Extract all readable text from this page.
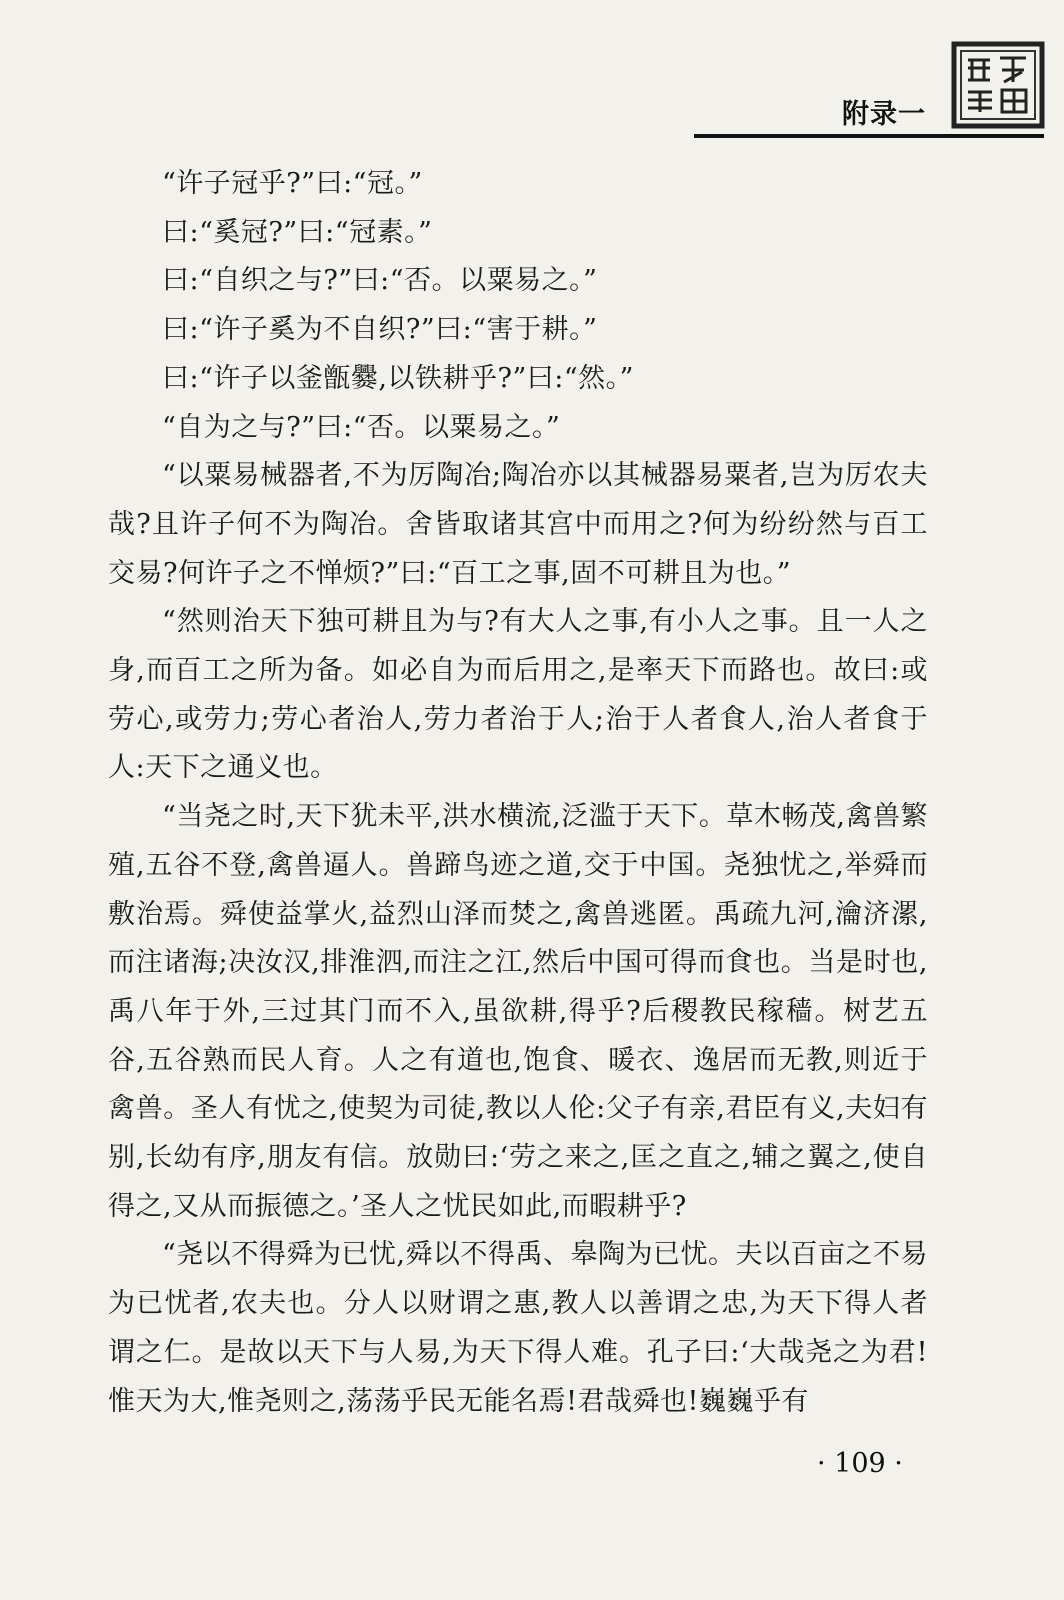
附录一

“许子冠乎?”曰:“冠。”

曰:“奚冠?”曰:“冠素。”

曰:“自织之与?”曰:“否。以粟易之。”

曰:“许子奚为不自织?”曰:“害于耕。”

曰:“许子以釜甑爨,以铁耕乎?”曰:“然。”

“自为之与?”曰:“否。以粟易之。”

“以粟易械器者,不为厉陶冶;陶冶亦以其械器易粟者,岂为厉农夫哉?且许子何不为陶冶。舍皆取诸其宫中而用之?何为纷纷然与百工交易?何许子之不惮烦?”曰:“百工之事,固不可耕且为也。”

“然则治天下独可耕且为与?有大人之事,有小人之事。且一人之身,而百工之所为备。如必自为而后用之,是率天下而路也。故曰:或劳心,或劳力;劳心者治人,劳力者治于人;治于人者食人,治人者食于人:天下之通义也。

“当尧之时,天下犹未平,洪水横流,泛滥于天下。草木畅茂,禽兽繁殖,五谷不登,禽兽逼人。兽蹄鸟迹之道,交于中国。尧独忧之,举舜而敷治焉。舜使益掌火,益烈山泽而焚之,禽兽逃匿。禹疏九河,瀹济漯,而注诸海;决汝汉,排淮泗,而注之江,然后中国可得而食也。当是时也,禹八年于外,三过其门而不入,虽欲耕,得乎?后稷教民稼穑。树艺五谷,五谷熟而民人育。人之有道也,饱食、暖衣、逸居而无教,则近于禽兽。圣人有忧之,使契为司徒,教以人伦:父子有亲,君臣有义,夫妇有别,长幼有序,朋友有信。放勋曰:‘劳之来之,匡之直之,辅之翼之,使自得之,又从而振德之。’圣人之忧民如此,而暇耕乎?

“尧以不得舜为已忧,舜以不得禹、皋陶为已忧。夫以百亩之不易为已忧者,农夫也。分人以财谓之惠,教人以善谓之忠,为天下得人者谓之仁。是故以天下与人易,为天下得人难。孔子曰:‘大哉尧之为君!惟天为大,惟尧则之,荡荡乎民无能名焉!君哉舜也!巍巍乎有

· 109 ·
